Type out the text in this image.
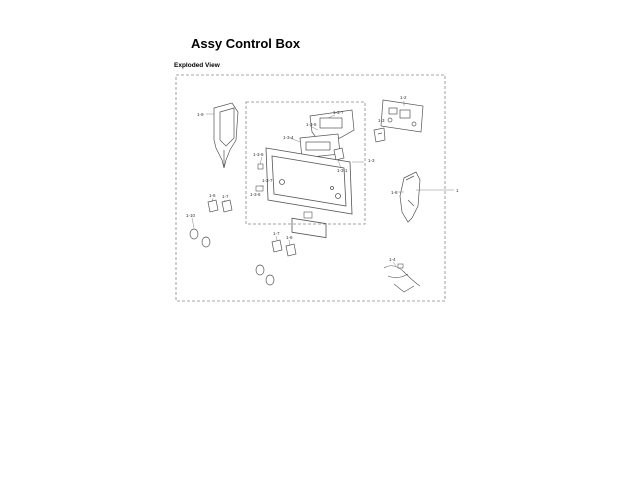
Assy Control Box
Exploded View
1-9
1-2
1-3-7
1-3
1-3-4
1-3-5
1-3-6
1-3-7
1-3-1
1-3
1-3-6	1-8
1-6 1-7
1-10
1-7
1-6
1-4
1
